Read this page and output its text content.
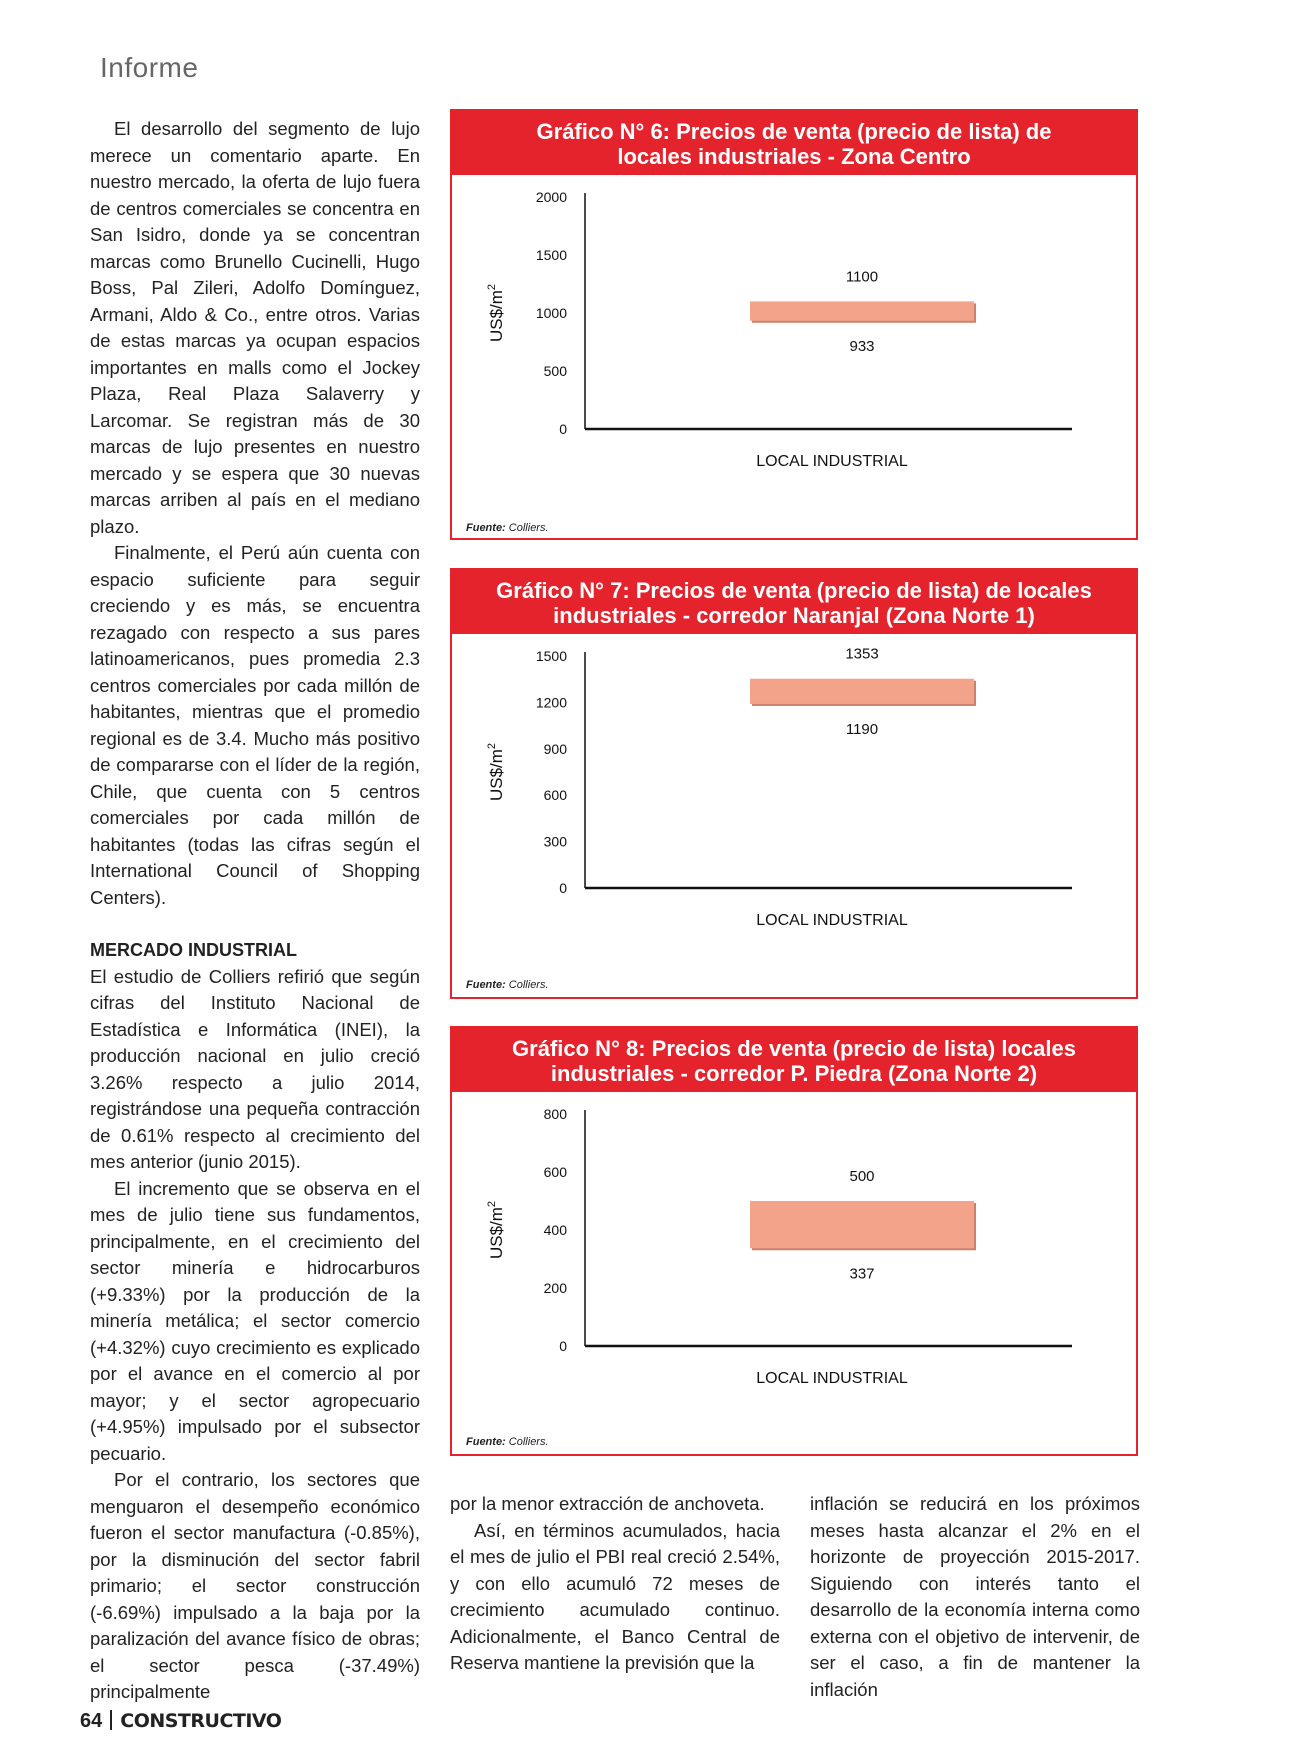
Informe

El desarrollo del segmento de lujo merece un comentario aparte. En nuestro mercado, la oferta de lujo fuera de centros comerciales se concentra en San Isidro, donde ya se concentran marcas como Brunello Cucinelli, Hugo Boss, Pal Zileri, Adolfo Domínguez, Armani, Aldo & Co., entre otros. Varias de estas marcas ya ocupan espacios importantes en malls como el Jockey Plaza, Real Plaza Salaverry y Larcomar. Se registran más de 30 marcas de lujo presentes en nuestro mercado y se espera que 30 nuevas marcas arriben al país en el mediano plazo.

Finalmente, el Perú aún cuenta con espacio suficiente para seguir creciendo y es más, se encuentra rezagado con respecto a sus pares latinoamericanos, pues promedia 2.3 centros comerciales por cada millón de habitantes, mientras que el promedio regional es de 3.4. Mucho más positivo de compararse con el líder de la región, Chile, que cuenta con 5 centros comerciales por cada millón de habitantes (todas las cifras según el International Council of Shopping Centers).

MERCADO INDUSTRIAL

El estudio de Colliers refirió que según cifras del Instituto Nacional de Estadística e Informática (INEI), la producción nacional en julio creció 3.26% respecto a julio 2014, registrándose una pequeña contracción de 0.61% respecto al crecimiento del mes anterior (junio 2015).

El incremento que se observa en el mes de julio tiene sus fundamentos, principalmente, en el crecimiento del sector minería e hidrocarburos (+9.33%) por la producción de la minería metálica; el sector comercio (+4.32%) cuyo crecimiento es explicado por el avance en el comercio al por mayor; y el sector agropecuario (+4.95%) impulsado por el subsector pecuario.

Por el contrario, los sectores que menguaron el desempeño económico fueron el sector manufactura (-0.85%), por la disminución del sector fabril primario; el sector construcción (-6.69%) impulsado a la baja por la paralización del avance físico de obras; el sector pesca (-37.49%) principalmente

Gráfico N° 6: Precios de venta (precio de lista) de
locales industriales - Zona Centro
0
500
1000
1500
2000
$US\$/m^2$
1100
933
LOCAL INDUSTRIAL
Fuente: Colliers.
Gráfico N° 7: Precios de venta (precio de lista) de locales
industriales - corredor Naranjal (Zona Norte 1)
0
300
600
900
1200
1500
$US\$/m^2$
1353
1190
LOCAL INDUSTRIAL
Fuente: Colliers.
Gráfico N° 8: Precios de venta (precio de lista) locales
industriales - corredor P. Piedra (Zona Norte 2)
0
200
400
600
800
$US\$/m^2$
500
337
LOCAL INDUSTRIAL
Fuente: Colliers.

por la menor extracción de anchoveta.

Así, en términos acumulados, hacia el mes de julio el PBI real creció 2.54%, y con ello acumuló 72 meses de crecimiento acumulado continuo. Adicionalmente, el Banco Central de Reserva mantiene la previsión que la

inflación se reducirá en los próximos meses hasta alcanzar el 2% en el horizonte de proyección 2015-2017. Siguiendo con interés tanto el desarrollo de la economía interna como externa con el objetivo de intervenir, de ser el caso, a fin de mantener la inflación

64 CONSTRUCTIVO
